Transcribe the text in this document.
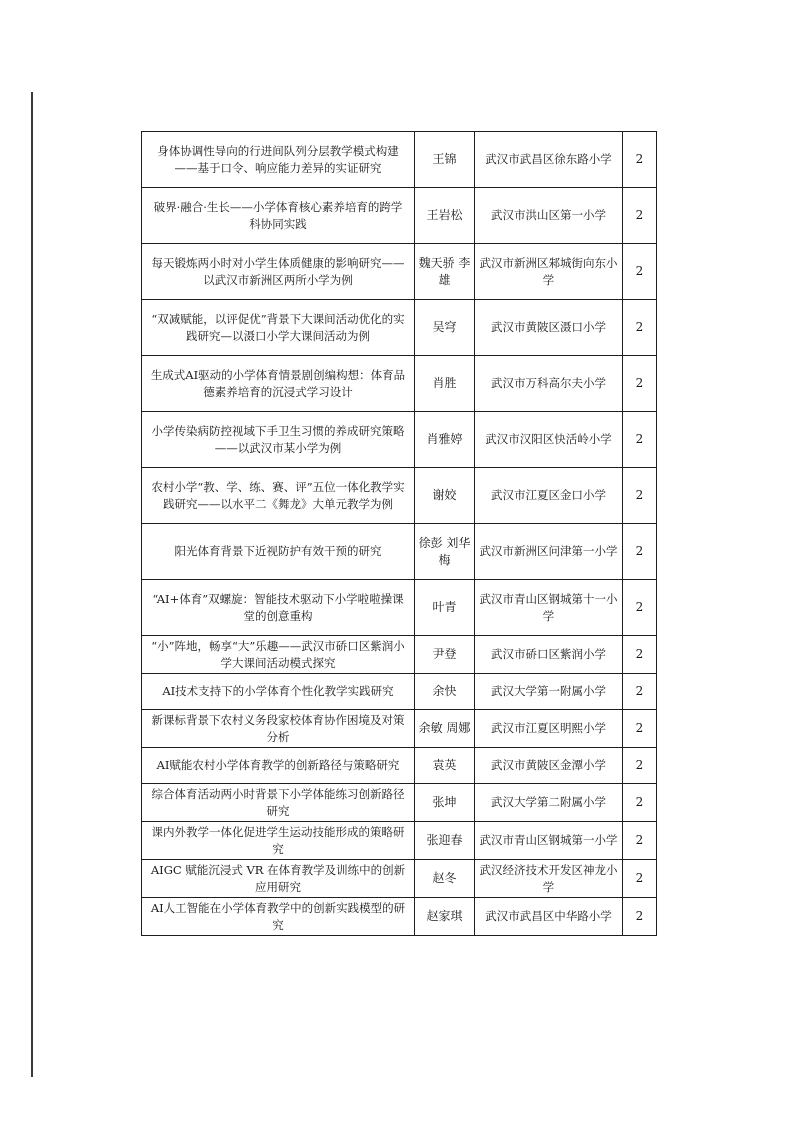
身体协调性导向的行进间队列分层教学模式构建——基于口令、响应能力差异的实证研究	王锦	武汉市武昌区徐东路小学	2
破界·融合·生长——小学体育核心素养培育的跨学科协同实践	王岩松	武汉市洪山区第一小学	2
每天锻炼两小时对小学生体质健康的影响研究——以武汉市新洲区两所小学为例	魏天骄 李雄	武汉市新洲区邾城街向东小学	2
“双减赋能，以评促优”背景下大课间活动优化的实践研究—以滠口小学大课间活动为例	吴穹	武汉市黄陂区滠口小学	2
生成式AI驱动的小学体育情景剧创编构想：体育品德素养培育的沉浸式学习设计	肖胜	武汉市万科高尔夫小学	2
小学传染病防控视域下手卫生习惯的养成研究策略——以武汉市某小学为例	肖雅婷	武汉市汉阳区快活岭小学	2
农村小学“教、学、练、赛、评”五位一体化教学实践研究——以水平二《舞龙》大单元教学为例	谢姣	武汉市江夏区金口小学	2
阳光体育背景下近视防护有效干预的研究	徐彭 刘华梅	武汉市新洲区问津第一小学	2
“AI+体育”双螺旋：智能技术驱动下小学啦啦操课堂的创意重构	叶青	武汉市青山区钢城第十一小学	2
“小”阵地，畅享“大”乐趣——武汉市硚口区紫润小学大课间活动模式探究	尹登	武汉市硚口区紫润小学	2
AI技术支持下的小学体育个性化教学实践研究	余快	武汉大学第一附属小学	2
新课标背景下农村义务段家校体育协作困境及对策分析	余敏 周娜	武汉市江夏区明熙小学	2
AI赋能农村小学体育教学的创新路径与策略研究	袁英	武汉市黄陂区金潭小学	2
综合体育活动两小时背景下小学体能练习创新路径研究	张坤	武汉大学第二附属小学	2
课内外教学一体化促进学生运动技能形成的策略研究	张迎春	武汉市青山区钢城第一小学	2
AIGC 赋能沉浸式 VR 在体育教学及训练中的创新应用研究	赵冬	武汉经济技术开发区神龙小学	2
AI人工智能在小学体育教学中的创新实践模型的研究	赵家琪	武汉市武昌区中华路小学	2
